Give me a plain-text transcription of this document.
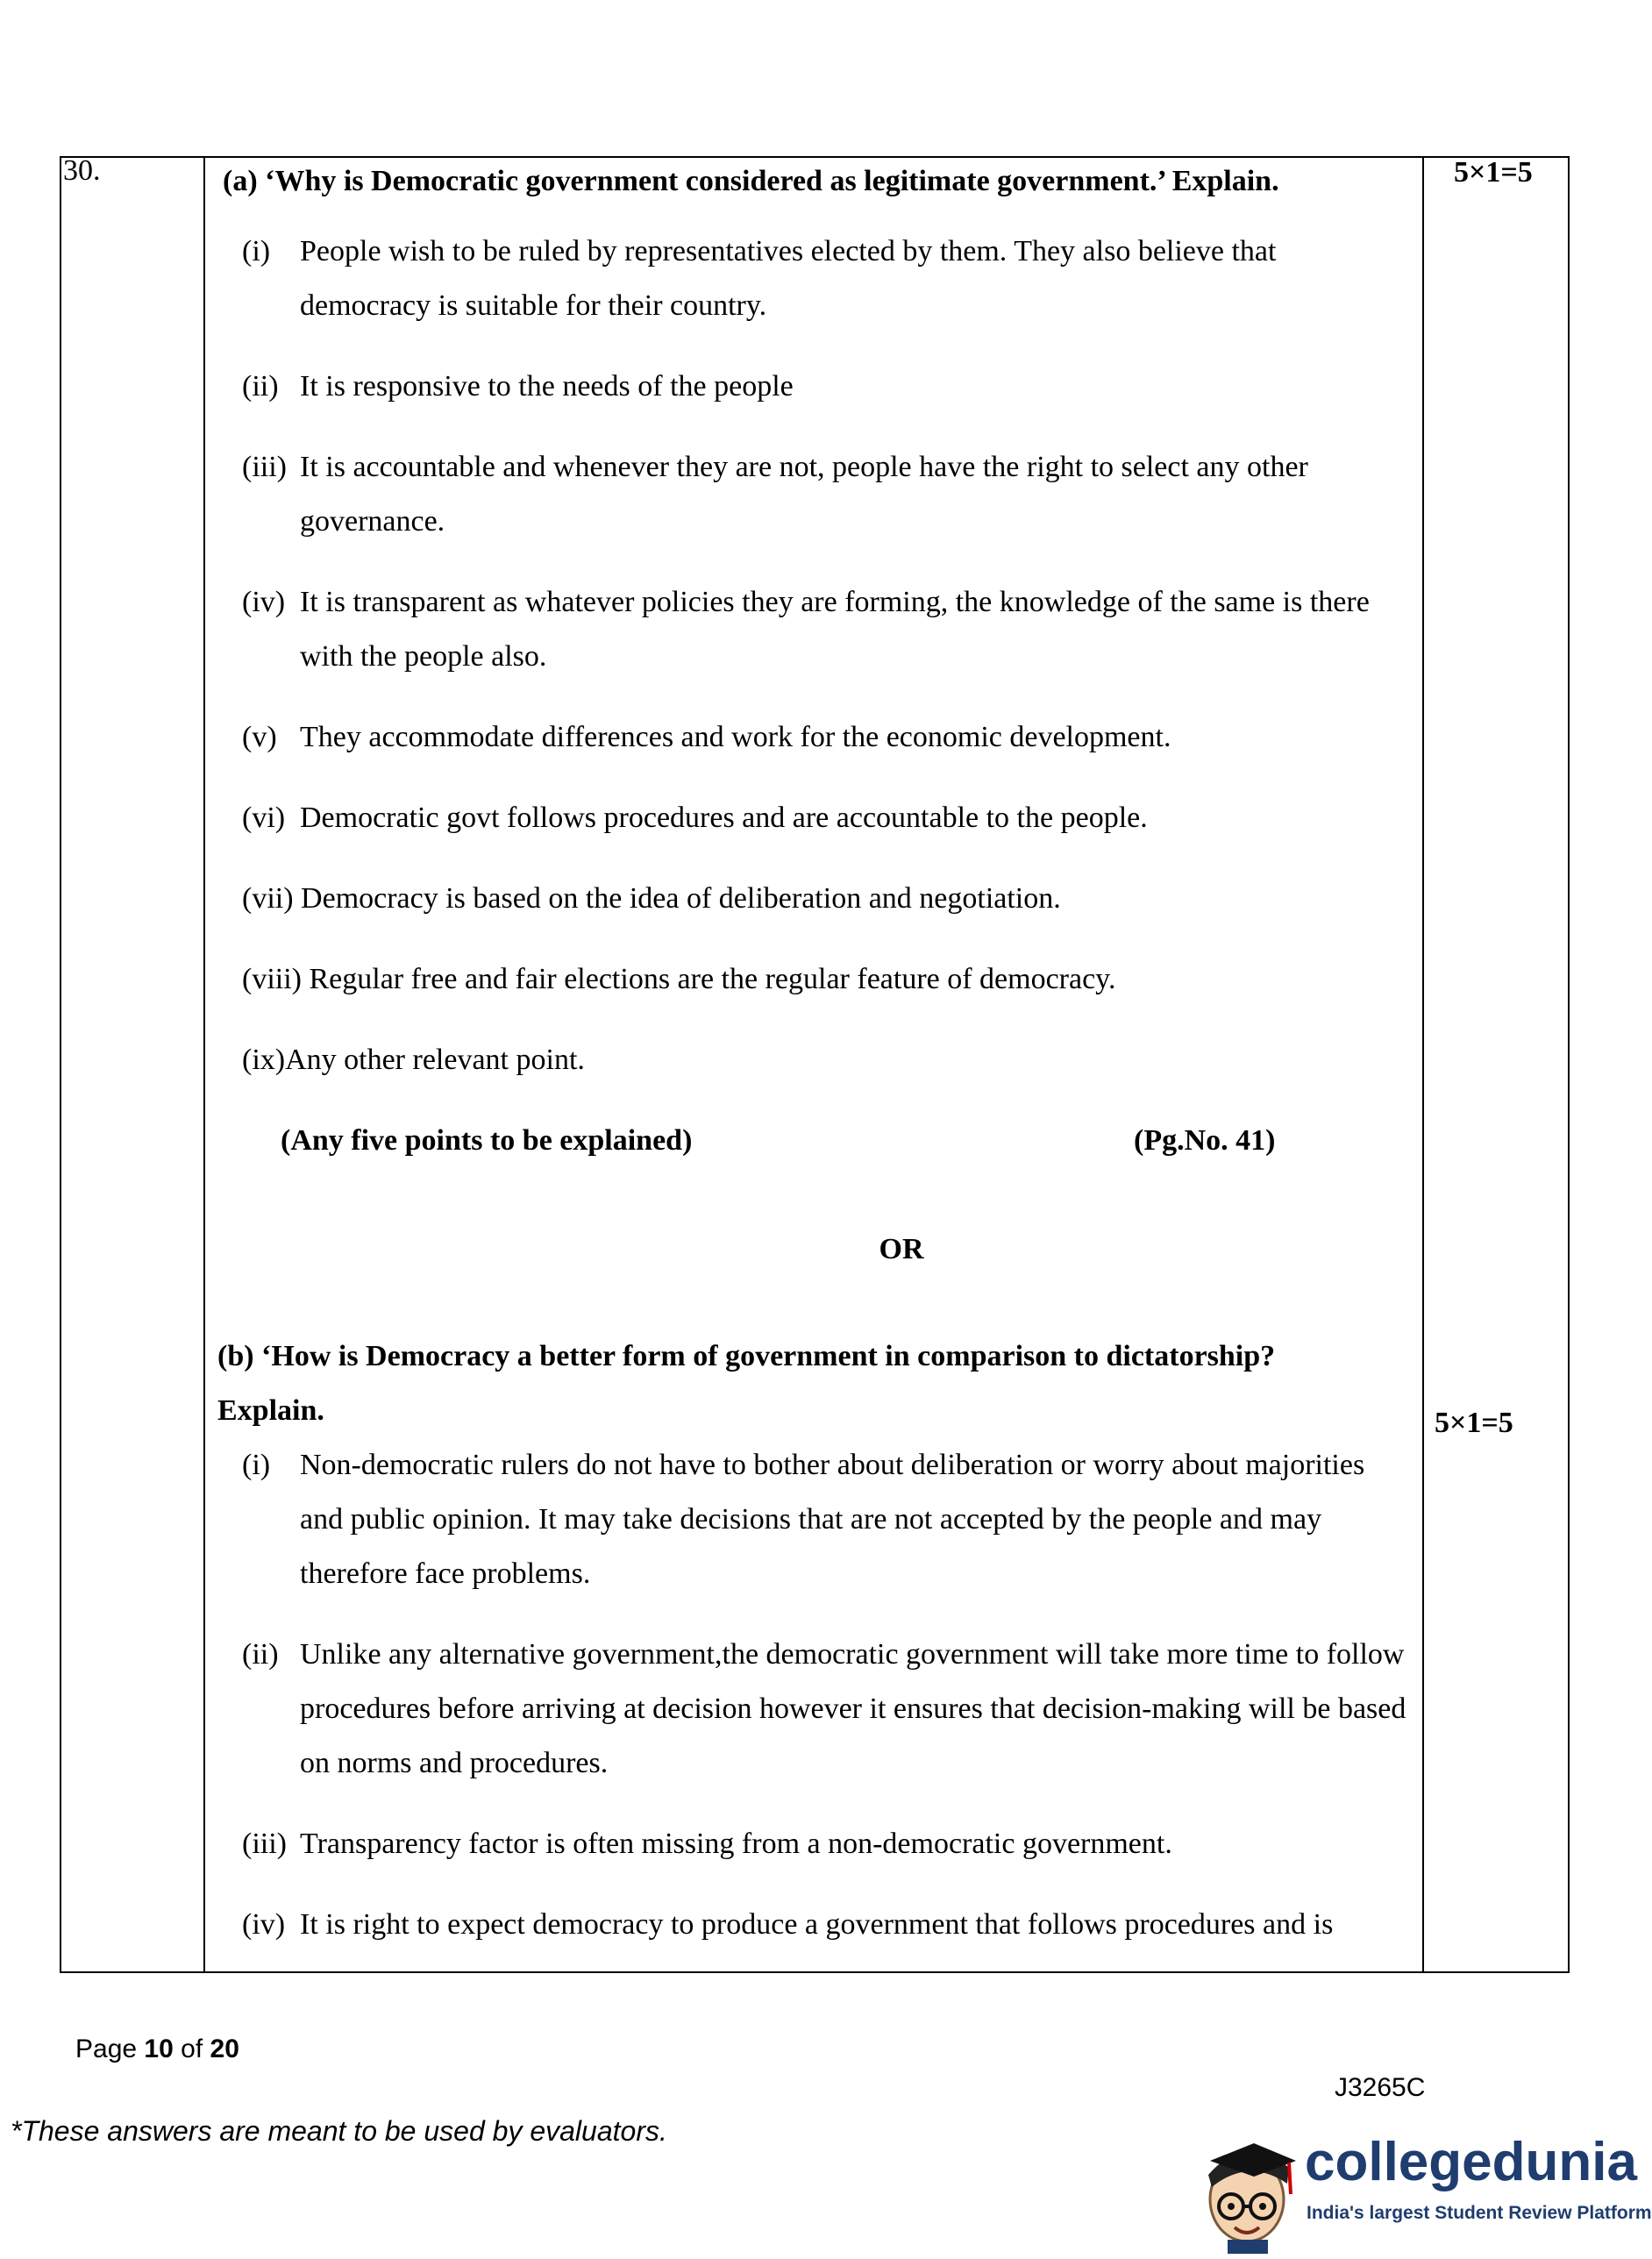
30.	5×1=5
5×1=5
(a) ‘Why is Democratic government considered as legitimate government.’ Explain.
(i) People wish to be ruled by representatives elected by them. They also believe that democracy is suitable for their country.
(ii) It is responsive to the needs of the people
(iii) It is accountable and whenever they are not, people have the right to select any other governance.
(iv) It is transparent as whatever policies they are forming, the knowledge of the same is there with the people also.
(v) They accommodate differences and work for the economic development.
(vi) Democratic govt follows procedures and are accountable to the people.
(vii) Democracy is based on the idea of deliberation and negotiation.
(viii) Regular free and fair elections are the regular feature of democracy.
(ix)Any other relevant point.
(Any five points to be explained)	(Pg.No. 41)
OR
(b) ‘How is Democracy a better form of government in comparison to dictatorship? Explain.
(i) Non-democratic rulers do not have to bother about deliberation or worry about majorities and public opinion. It may take decisions that are not accepted by the people and may therefore face problems.
(ii) Unlike any alternative government,the democratic government will take more time to follow procedures before arriving at decision however it ensures that decision-making will be based on norms and procedures.
(iii) Transparency factor is often missing from a non-democratic government.
(iv) It is right to expect democracy to produce a government that follows procedures and is
Page 10 of 20
J3265C
*These answers are meant to be used by evaluators.
collegedunia
India's largest Student Review Platform
